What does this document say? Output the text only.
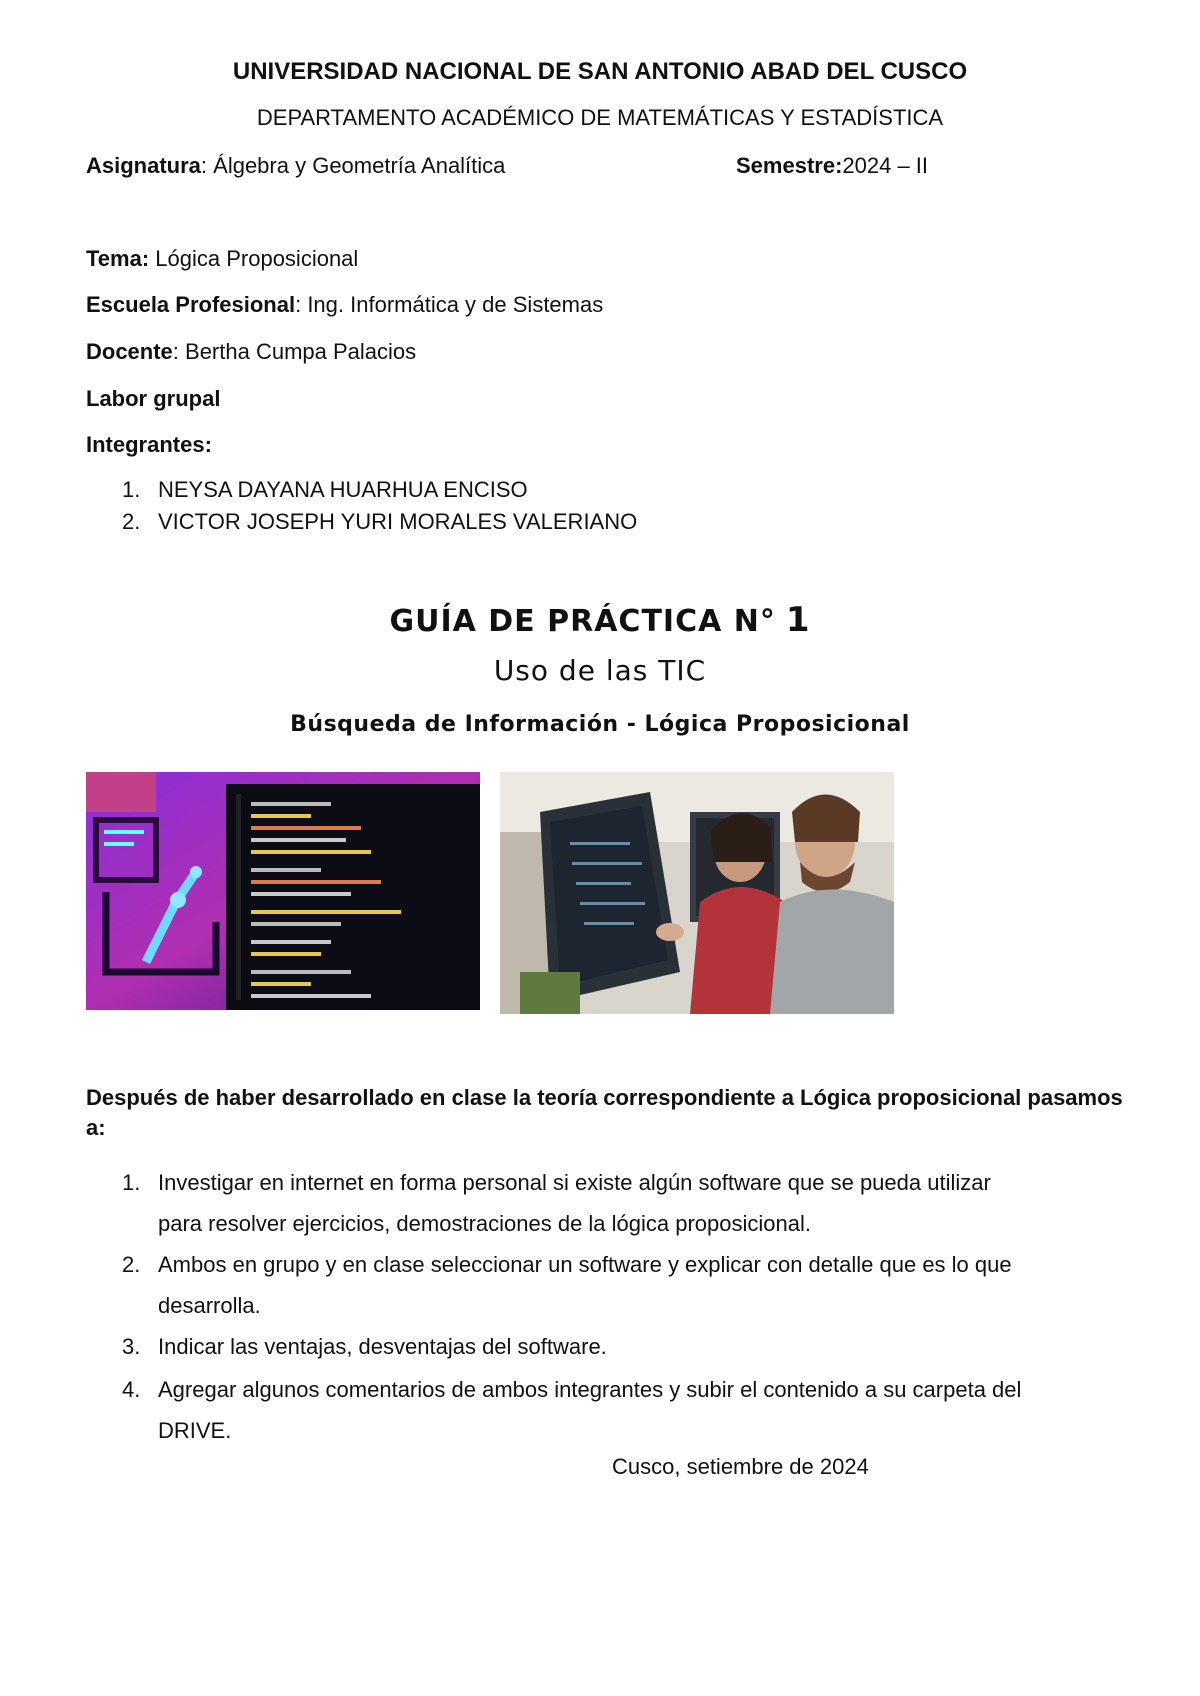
UNIVERSIDAD NACIONAL DE SAN ANTONIO ABAD DEL CUSCO
DEPARTAMENTO ACADÉMICO DE MATEMÁTICAS Y ESTADÍSTICA
Asignatura: Álgebra y Geometría Analítica	Semestre:2024 – II
Tema: Lógica Proposicional
Escuela Profesional: Ing. Informática y de Sistemas
Docente: Bertha Cumpa Palacios
Labor grupal
Integrantes:
1. NEYSA DAYANA HUARHUA ENCISO
2. VICTOR JOSEPH YURI MORALES VALERIANO
GUÍA DE PRÁCTICA N° 1
Uso de las TIC
Búsqueda de Información - Lógica Proposicional
Después de haber desarrollado en clase la teoría correspondiente a Lógica proposicional pasamos a:
1. Investigar en internet en forma personal si existe algún software que se pueda utilizar
para resolver ejercicios, demostraciones de la lógica proposicional.
2. Ambos en grupo y en clase seleccionar un software y explicar con detalle que es lo que
desarrolla.
3. Indicar las ventajas, desventajas del software.
4. Agregar algunos comentarios de ambos integrantes y subir el contenido a su carpeta del
DRIVE.
Cusco, setiembre de 2024
